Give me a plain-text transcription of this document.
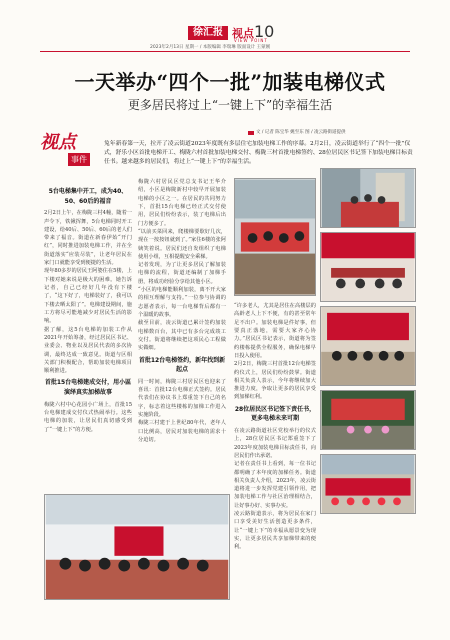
徐汇报 视点
VIEW POINT
10
2023年2月13日 星期一 / 本版编辑 李瑞琳 版面设计 王蒙刚
一天举办“四个一批”加装电梯仪式
更多居民将过上“一键上下”的幸福生活
视点
事件
文 / 记者 陈宝华 姚至东 图 / 凌云路街道提供
兔年新春第一天，拉开了凌云街道2023年度既有多层住宅加装电梯工作的序幕。2月2日，凌云街道举行了“四个一批”仪式，舒乐小区首批电梯开工、梅陇六村首批加装电梯交付、梅陇三村首批电梯签约、28位居民区书记签下加装电梯目标责任书。越来越多的居民们，将过上“一键上下”的幸福生活。
5台电梯集中开工，成为40、50、60后的福音

2月2日上午，在梅陇三村4幢，随着一声令下，铁锹挥舞，5台电梯同时开工建设，给40后、50后、60后的老人们带来了福音。街道在新春伊始“开门红”，同时推进加装电梯工作，并在全街道落实“应装尽装”，让老年居民在家门口就能享受到便捷的生活。

现年80多岁的居民王阿婆住在5楼，上下楼对她来说是极大的困难。她告诉记者，自己已经好几年没有下楼了，“这下好了，电梯装好了，我可以下楼去晒太阳了”。电梯建设期间，施工方将尽可能地减少对居民生活的影响。

据了解，这5台电梯的加装工作从2021年开始筹备，经过居民区书记、业委会、物业以及居民代表的多次协调，最终达成一致意见。街道与区相关部门积极配合，帮助加装电梯项目顺利推进。

首批15台电梯建成交付，用小區演绎真实加梯故事

梅陇六村中心花园小广场上，首批15台电梯建成交付仪式热闹举行。这些电梯的加装，让居民们真切感受到了“一键上下”的方便。

梅陇六村居民区党总支书记王华介绍，小区是梅陇新村中较早开展加装电梯的小区之一。在居民的共同努力下，首批15台电梯已经正式交付使用，居民们纷纷表示，装了电梯后出门方便多了。

“以前买菜回来，爬楼梯要歇好几次，现在一按按钮就到了。”家住6楼的张阿姨笑着说。居民们还自发组织了电梯使用小组，互相提醒安全乘梯。

记者发现，为了让更多居民了解加装电梯的流程，街道还编制了加梯手册，将成功经验分享给其他小区。

“小区的电梯能顺利加装，离不开大家的相互理解与支持。”一位参与协调的志愿者表示，每一台电梯背后都有一个温暖的故事。

截至目前，凌云街道已累计签约加装电梯数百台，其中已有多台完成竣工交付。街道将继续把这项民心工程做实做细。

首批12台电梯签约，新年找到新起点

同一时间，梅陇三村居民区也迎来了喜讯：首批12台电梯正式签约。居民代表们在协议书上郑重签下自己的名字，标志着这些楼栋的加梯工作进入实施阶段。

梅陇三村建于上世纪80年代，老年人口比例高，居民对加装电梯的需求十分迫切。

“许多老人，尤其是居住在高楼层的高龄老人上下不便，有的甚至常年足不出户。加装电梯是件好事，但要真正落地，需要大家齐心协力。”居民区书记表示，街道将为签约楼栋提供全程服务，确保电梯早日投入使用。

2月2日，梅陇三村首批12台电梯签约仪式上，居民们纷纷鼓掌。街道相关负责人表示，今年将继续加大推进力度，争取让更多的居民享受到加梯红利。

28位居民区书记签下责任书，更多电梯未来可期

在凌云路街道社区党校举行的仪式上，28位居民区书记郑重签下了2023年度加装电梯目标责任书，向居民们作出承诺。

记者在责任书上看到，每一位书记都明确了本年度的加梯任务。街道相关负责人介绍，2023年，凌云街道将进一步发挥党建引领作用，把加装电梯工作与社区治理相结合，让好事办好、实事办实。

凌云路街道表示，将为居民在家门口享受美好生活创造更多条件，让“一键上下”的幸福从愿景变为现实，让更多居民共享加梯带来的便利。
